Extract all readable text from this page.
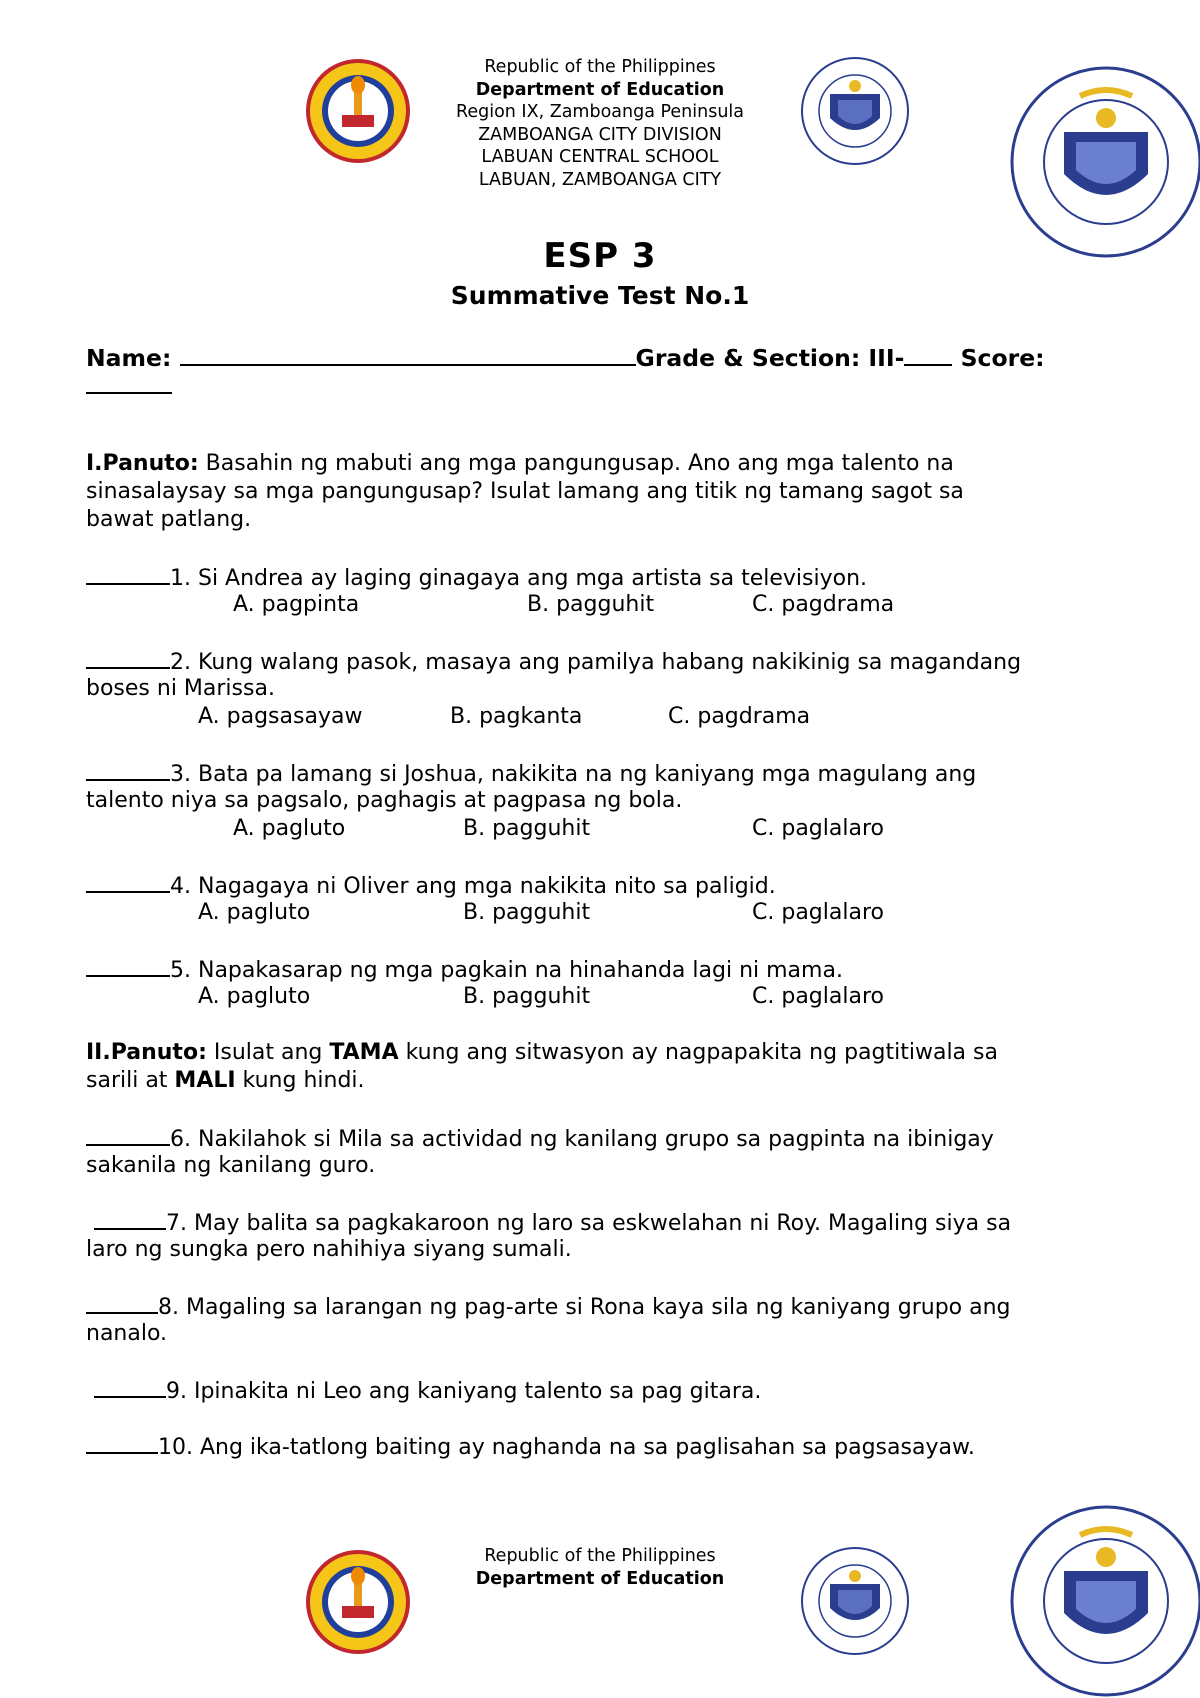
Republic of the Philippines
Department of Education
Region IX, Zamboanga Peninsula
ZAMBOANGA CITY DIVISION
LABUAN CENTRAL SCHOOL
LABUAN, ZAMBOANGA CITY
ESP 3
Summative Test No.1
Name:	Grade & Section: III- Score:
I.Panuto: Basahin ng mabuti ang mga pangungusap. Ano ang mga talento na
sinasalaysay sa mga pangungusap? Isulat lamang ang titik ng tamang sagot sa
bawat patlang.
1. Si Andrea ay laging ginagaya ang mga artista sa televisiyon.
A. pagpinta	B. pagguhit	C. pagdrama
2. Kung walang pasok, masaya ang pamilya habang nakikinig sa magandang
boses ni Marissa.
A. pagsasayaw	B. pagkanta	C. pagdrama
3. Bata pa lamang si Joshua, nakikita na ng kaniyang mga magulang ang
talento niya sa pagsalo, paghagis at pagpasa ng bola.
A. pagluto	B. pagguhit	C. paglalaro
4. Nagagaya ni Oliver ang mga nakikita nito sa paligid.
A. pagluto	B. pagguhit	C. paglalaro
5. Napakasarap ng mga pagkain na hinahanda lagi ni mama.
A. pagluto	B. pagguhit	C. paglalaro
II.Panuto: Isulat ang TAMA kung ang sitwasyon ay nagpapakita ng pagtitiwala sa
sarili at MALI kung hindi.
6. Nakilahok si Mila sa actividad ng kanilang grupo sa pagpinta na ibinigay
sakanila ng kanilang guro.
7. May balita sa pagkakaroon ng laro sa eskwelahan ni Roy. Magaling siya sa
laro ng sungka pero nahihiya siyang sumali.
8. Magaling sa larangan ng pag-arte si Rona kaya sila ng kaniyang grupo ang
nanalo.
9. Ipinakita ni Leo ang kaniyang talento sa pag gitara.
10. Ang ika-tatlong baiting ay naghanda na sa paglisahan sa pagsasayaw.
Republic of the Philippines
Department of Education
